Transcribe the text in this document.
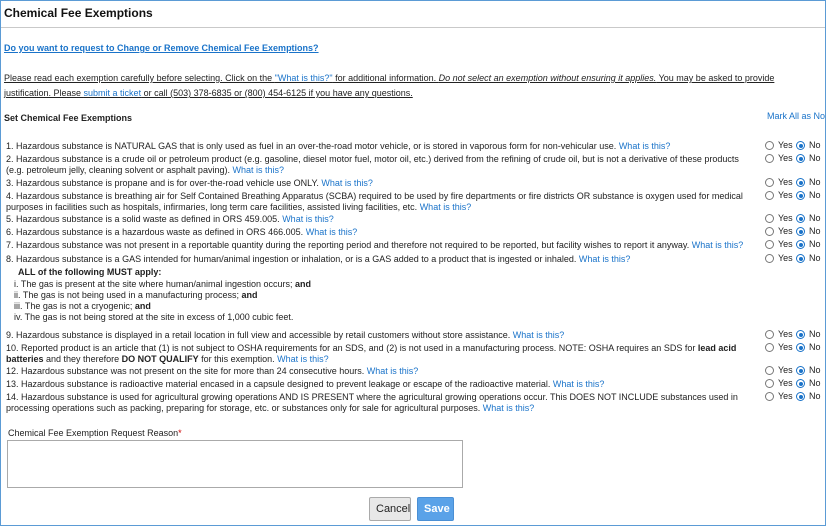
Chemical Fee Exemptions
Do you want to request to Change or Remove Chemical Fee Exemptions?
Please read each exemption carefully before selecting. Click on the "What is this?" for additional information. Do not select an exemption without ensuring it applies. You may be asked to provide justification. Please submit a ticket or call (503) 378-6835 or (800) 454-6125 if you have any questions.
Set Chemical Fee Exemptions	Mark All as No
1. Hazardous substance is NATURAL GAS that is only used as fuel in an over-the-road motor vehicle, or is stored in vaporous form for non-vehicular use. What is this?	Yes No
2. Hazardous substance is a crude oil or petroleum product (e.g. gasoline, diesel motor fuel, motor oil, etc.) derived from the refining of crude oil, but is not a derivative of these products (e.g. petroleum jelly, cleaning solvent or asphalt paving). What is this?
Yes No
3. Hazardous substance is propane and is for over-the-road vehicle use ONLY. What is this?	Yes No
4. Hazardous substance is breathing air for Self Contained Breathing Apparatus (SCBA) required to be used by fire departments or fire districts OR substance is oxygen used for medical purposes in facilities such as hospitals, infirmaries, long term care facilities, assisted living facilities, etc. What is this?
Yes No
5. Hazardous substance is a solid waste as defined in ORS 459.005. What is this?	Yes No
6. Hazardous substance is a hazardous waste as defined in ORS 466.005. What is this?	Yes No
7. Hazardous substance was not present in a reportable quantity during the reporting period and therefore not required to be reported, but facility wishes to report it anyway. What is this?	Yes No
8. Hazardous substance is a GAS intended for human/animal ingestion or inhalation, or is a GAS added to a product that is ingested or inhaled. What is this?	Yes No
ALL of the following MUST apply:
i. The gas is present at the site where human/animal ingestion occurs; and
ii. The gas is not being used in a manufacturing process; and
iii. The gas is not a cryogenic; and
iv. The gas is not being stored at the site in excess of 1,000 cubic feet.
9. Hazardous substance is displayed in a retail location in full view and accessible by retail customers without store assistance. What is this?	Yes No
10. Reported product is an article that (1) is not subject to OSHA requirements for an SDS, and (2) is not used in a manufacturing process. NOTE: OSHA requires an SDS for lead acid batteries and they therefore DO NOT QUALIFY for this exemption. What is this?
Yes No
12. Hazardous substance was not present on the site for more than 24 consecutive hours. What is this?	Yes No
13. Hazardous substance is radioactive material encased in a capsule designed to prevent leakage or escape of the radioactive material. What is this?	Yes No
14. Hazardous substance is used for agricultural growing operations AND IS PRESENT where the agricultural growing operations occur. This DOES NOT INCLUDE substances used in processing operations such as packing, preparing for storage, etc. or substances only for sale for agricultural purposes. What is this?
Yes No
Chemical Fee Exemption Request Reason*
Cancel	Save
